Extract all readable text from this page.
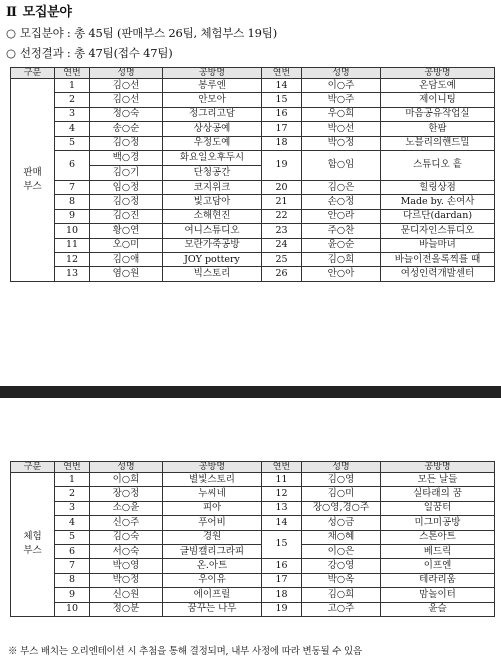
Ⅱ 모집분야
○ 모집분야 : 총 45팀 (판매부스 26팀, 체험부스 19팀)
○ 선정결과 : 총 47팀(접수 47팀)
구분	연번	성명	공방명	연번	성명	공방명

판매
부스	1	김○선	봉루엔	14	이○주	온담도예
	2	김○선	안모아	15	박○주	제이니팅
	3	정○숙	정그리고담	16	우○희	마음공유작업실
	4	송○순	상상공예	17	박○선	한팜
	5	김○정	우정도예	18	박○정	노블리의핸드밀
	6	백○경	화요일오후두시	19	함○임	스튜디오 흩
		김○기	단청공간			
	7	임○정	코지위크	20	김○은	힐링상점
	8	김○정	빛고담아	21	손○정	Made by. 손여사
	9	김○진	소해현진	22	안○라	다르단(dardan)
	10	황○연	여니스튜디오	23	주○찬	문디자인스튜디오
	11	오○미	모란가죽공방	24	윤○순	바늘마녀
	12	김○애	JOY pottery	25	김○희	바늘이전올록찍를 때
	13	염○원	빅스토리	26	안○아	여성인력개발센터
구분	연번	성명	공방명	연번	성명	공방명

체험
부스	1	이○희	별빛스토리	11	김○영	모든 날들
	2	장○정	누씨네	12	김○미	실타래의 꿈
	3	소○윤	피아	13	장○영,경○주	일꿈터
	4	신○주	푸어비	14	성○금	미그미공방
	5	김○숙	경원	15	채○혜	스톤아트
	6	서○숙	글빔캘리그라피		이○은	베드릭
	7	박○영	온.아트	16	강○영	이프엔
	8	박○정	우이유	17	박○옥	테라리움
	9	신○원	에이프릴	18	김○희	맘놀이터
	10	정○분	꿈꾸는 나무	19	고○주	윤슬
※ 부스 배치는 오리엔테이션 시 추첨을 통해 결정되며, 내부 사정에 따라 변동될 수 있음
